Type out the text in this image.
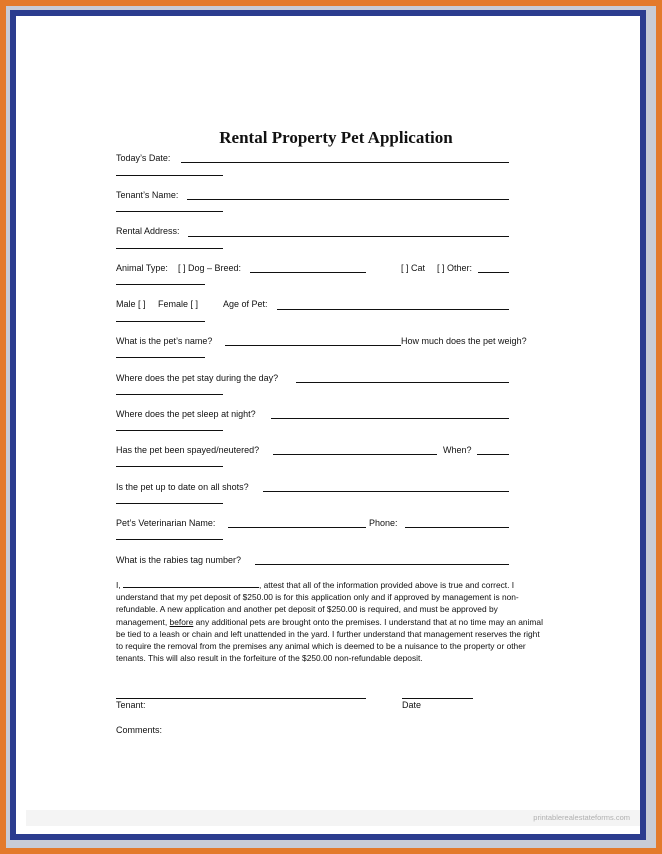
Rental Property Pet Application
Today’s Date:
Tenant’s Name:
Rental Address:
Animal Type: [ ] Dog – Breed:	[ ] Cat [ ] Other:
Male [ ] Female [ ]	Age of Pet:
What is the pet’s name?	How much does the pet weigh?
Where does the pet stay during the day?
Where does the pet sleep at night?
Has the pet been spayed/neutered?	When?
Is the pet up to date on all shots?
Pet’s Veterinarian Name:	Phone:
What is the rabies tag number?
I,	, attest that all of the information provided above is true and correct. I understand that my pet deposit of $250.00 is for this application only and if approved by management is non-refundable. A new application and another pet deposit of $250.00 is required, and must be approved by management, before any additional pets are brought onto the premises. I understand that at no time may an animal be tied to a leash or chain and left unattended in the yard. I further understand that management reserves the right to require the removal from the premises any animal which is deemed to be a nuisance to the property or other tenants. This will also result in the forfeiture of the $250.00 non-refundable deposit.
Tenant:	Date
Comments:
printablerealestateforms.com
